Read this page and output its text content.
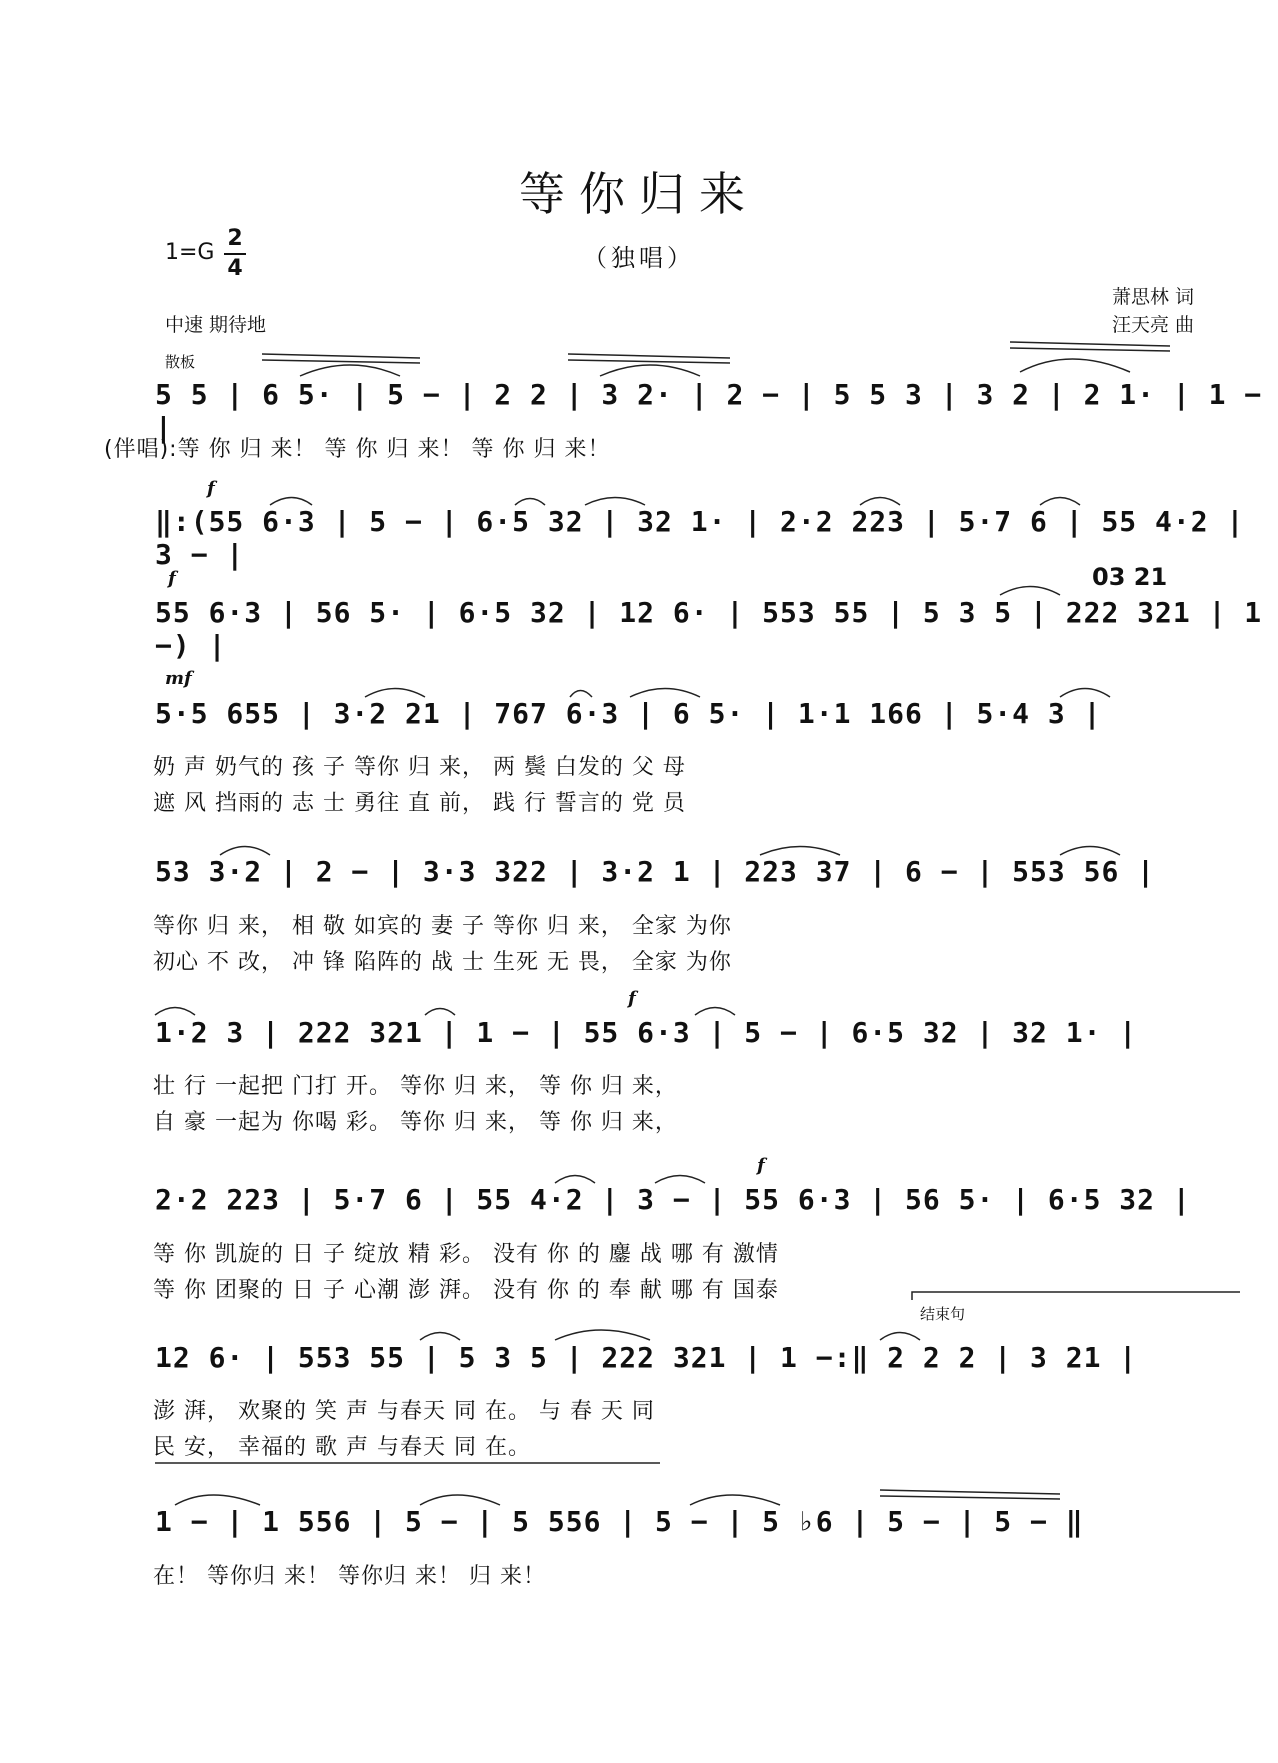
等你归来
（独唱）
1=G
2
4
中速 期待地
萧思林 词
汪天亮 曲
散板
5 5 | 6 5· | 5 − | 2 2 | 3 2· | 2 − | 5 5 3 | 3 2 | 2 1· | 1 − |
(伴唱):等 你 归 来！ 等 你 归 来！ 等 你 归 来！
f
‖:(55 6·3 | 5 − | 6·5 32 | 32 1· | 2·2 223 | 5·7 6 | 55 4·2 | 3 − |
f
55 6·3 | 56 5· | 6·5 32 | 12 6· | 553 55 | 5 3 5 | 222 321 | 1 −) |
03 21
mf
5·5 655 | 3·2 21 | 767 6·3 | 6 5· | 1·1 166 | 5·4 3 |
奶 声 奶气的 孩 子 等你 归 来， 两 鬓 白发的 父 母
遮 风 挡雨的 志 士 勇往 直 前， 践 行 誓言的 党 员
53 3·2 | 2 − | 3·3 322 | 3·2 1 | 223 37 | 6 − | 553 56 |
等你 归 来， 相 敬 如宾的 妻 子 等你 归 来， 全家 为你
初心 不 改， 冲 锋 陷阵的 战 士 生死 无 畏， 全家 为你
f
1·2 3 | 222 321 | 1 − | 55 6·3 | 5 − | 6·5 32 | 32 1· |
壮 行 一起把 门打 开。 等你 归 来， 等 你 归 来，
自 豪 一起为 你喝 彩。 等你 归 来， 等 你 归 来，
f
2·2 223 | 5·7 6 | 55 4·2 | 3 − | 55 6·3 | 56 5· | 6·5 32 |
等 你 凯旋的 日 子 绽放 精 彩。 没有 你 的 鏖 战 哪 有 激情
等 你 团聚的 日 子 心潮 澎 湃。 没有 你 的 奉 献 哪 有 国泰
结束句
12 6· | 553 55 | 5 3 5 | 222 321 | 1 −:‖ 2 2 2 | 3 21 |
澎 湃， 欢聚的 笑 声 与春天 同 在。 与 春 天 同
民 安， 幸福的 歌 声 与春天 同 在。
1 − | 1 556 | 5 − | 5 556 | 5 − | 5 ♭6 | 5 − | 5 − ‖
在！ 等你归 来！ 等你归 来！ 归 来！
